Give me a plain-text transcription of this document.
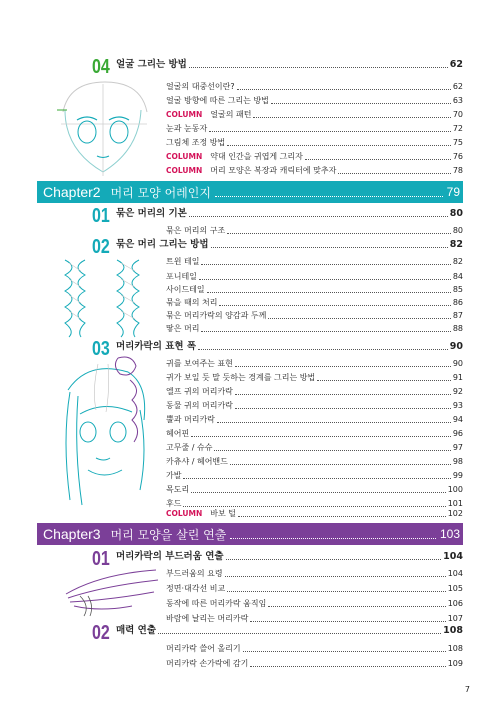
04 얼굴 그리는 방법	62
Chapter2 머리 모양 어레인지	79
01 묶은 머리의 기본	80
02 묶은 머리 그리는 방법	82
03 머리카락의 표현 폭	90
Chapter3 머리 모양을 살린 연출	103
01 머리카락의 부드러움 연출	104
02 매력 연출	108
7
얼굴의 대중선이란?	62
얼굴 방향에 따른 그리는 방법	63
COLUMN 얼굴의 패턴	70
눈과 눈동자	72
그림체 조정 방법	75
COLUMN 약대 인간을 귀엽게 그리자	76
COLUMN 머리 모양은 복장과 캐릭터에 맞추자	78
묶은 머리의 구조	80
트윈 테일	82
포니테일	84
사이드테일	85
묶을 때의 처리	86
묶은 머리카락의 양감과 두께	87
땋은 머리	88
귀를 보여주는 표현	90
귀가 보일 듯 말 듯하는 경계를 그리는 방법	91
엘프 귀의 머리카락	92
동물 귀의 머리카락	93
뿔과 머리카락	94
헤어핀	96
고무줄 / 슈슈	97
카츄샤 / 헤어밴드	98
가발	99
목도리	100
후드	101
COLUMN 바보 털	102
부드러움의 요령	104
정면·대각선 비교	105
동작에 따른 머리카락 움직임	106
바람에 날리는 머리카락	107
머리카락 쓸어 올리기	108
머리카락 손가락에 감기	109
